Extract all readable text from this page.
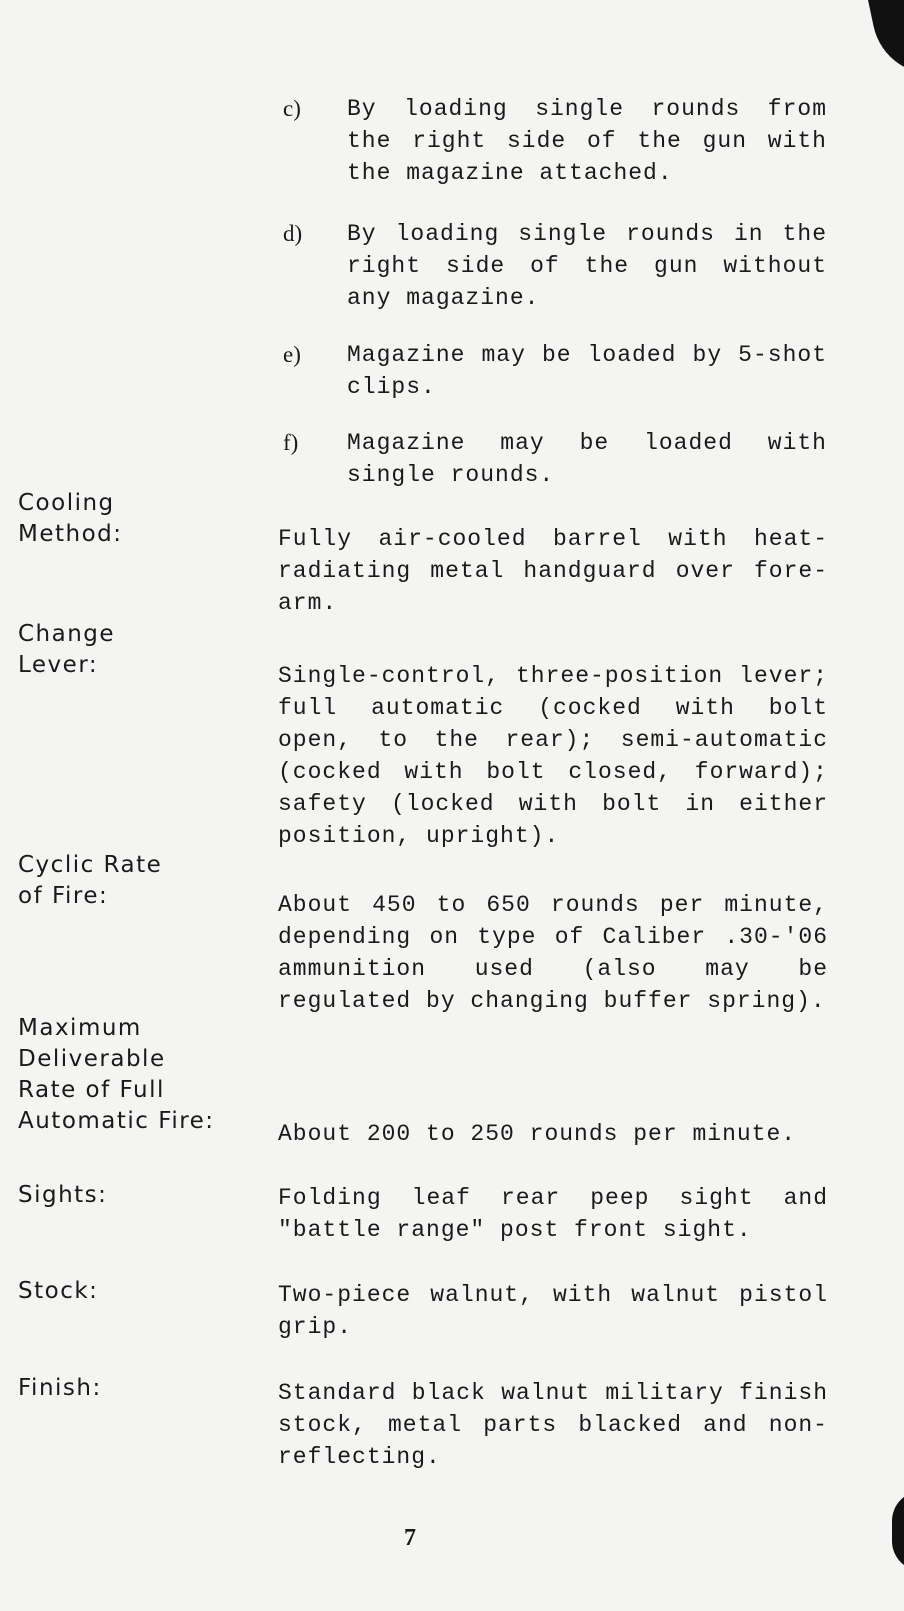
c) By loading single rounds from the right side of the gun with the magazine attached.
d) By loading single rounds in the right side of the gun without any magazine.
e) Magazine may be loaded by 5-shot clips.
f) Magazine may be loaded with single rounds.
Cooling
Method:
Change
Lever:
Cyclic Rate
of Fire:
Maximum
Deliverable
Rate of Full
Automatic Fire:
Sights:
Stock:
Finish:
Fully air-cooled barrel with heat-radiating metal handguard over fore-arm.
Single-control, three-position lever; full automatic (cocked with bolt open, to the rear); semi-automatic (cocked with bolt closed, forward); safety (locked with bolt in either position, upright).
About 450 to 650 rounds per minute, depending on type of Caliber .30-'06 ammunition used (also may be regulated by changing buffer spring).
About 200 to 250 rounds per minute.
Folding leaf rear peep sight and "battle range" post front sight.
Two-piece walnut, with walnut pistol grip.
Standard black walnut military finish stock, metal parts blacked and non-reflecting.
7
